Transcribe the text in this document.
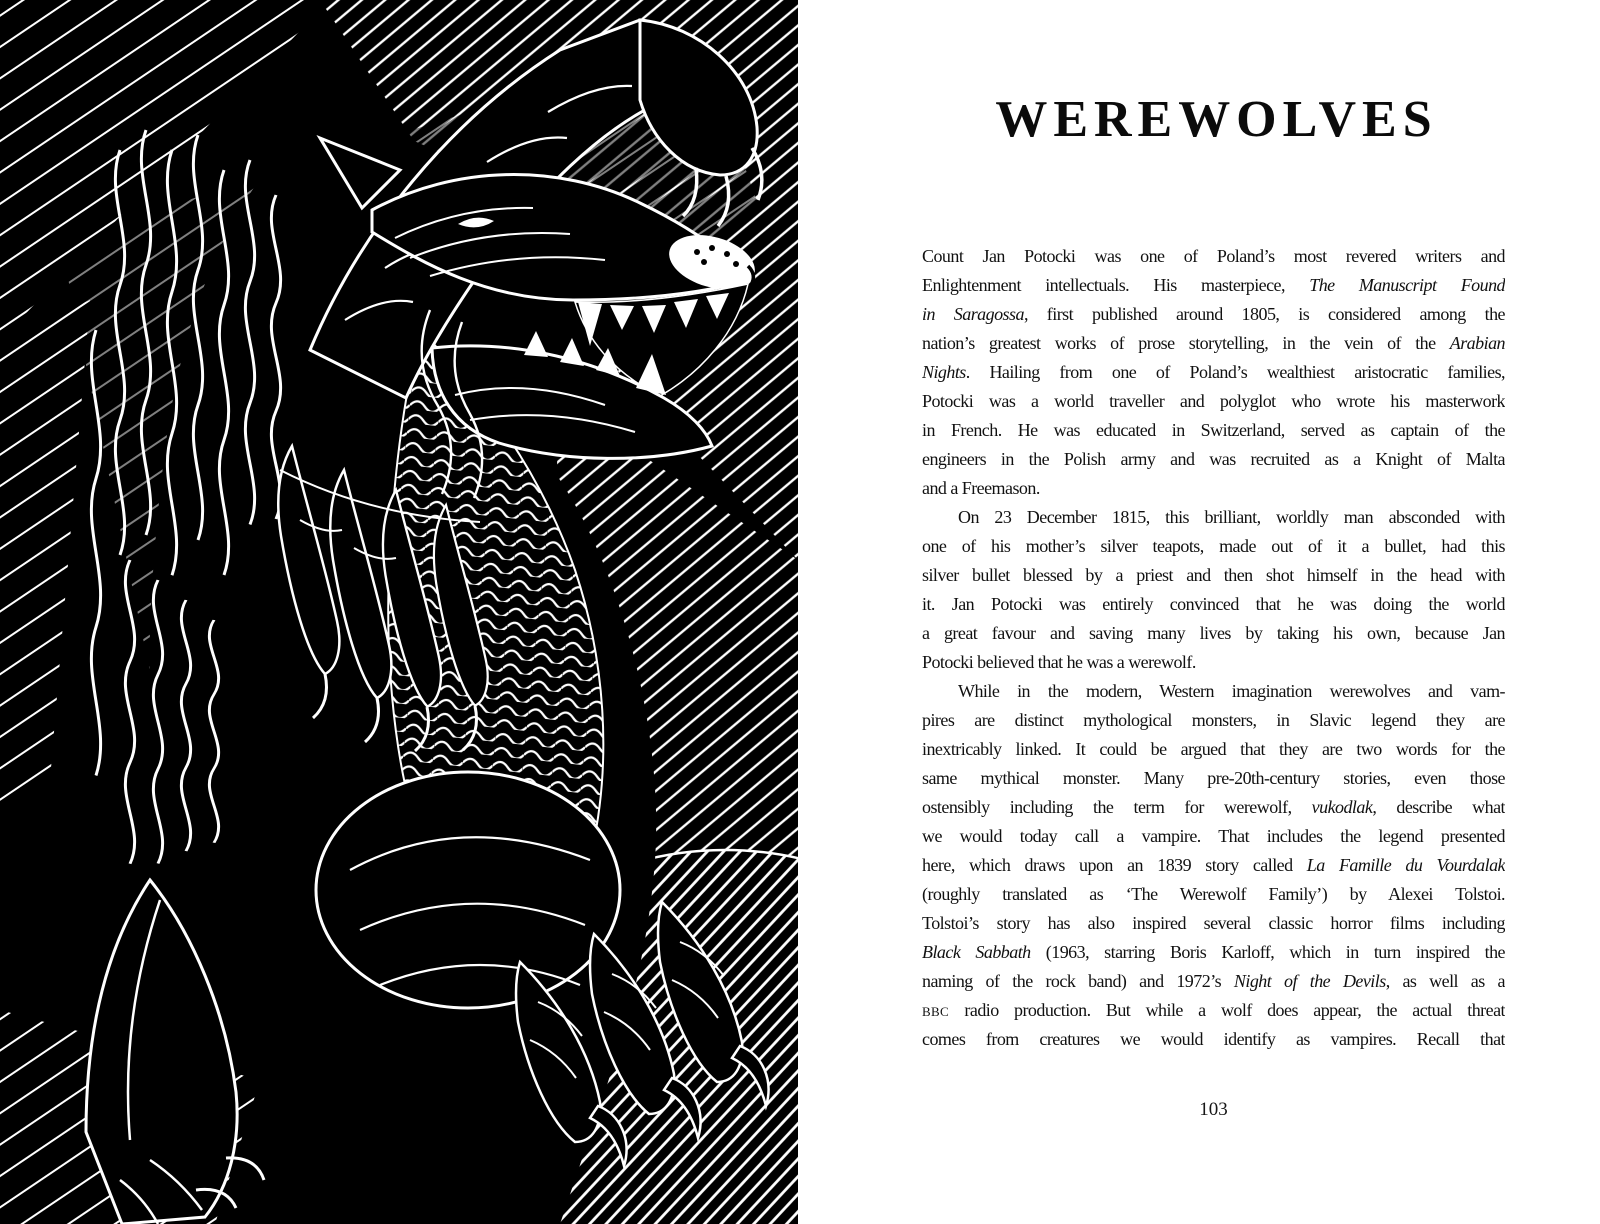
WEREWOLVES
Count Jan Potocki was one of Poland’s most revered writers and
Enlightenment intellectuals. His masterpiece, The Manuscript Found
in Saragossa, first published around 1805, is considered among the
nation’s greatest works of prose storytelling, in the vein of the Arabian
Nights. Hailing from one of Poland’s wealthiest aristocratic families,
Potocki was a world traveller and polyglot who wrote his masterwork
in French. He was educated in Switzerland, served as captain of the
engineers in the Polish army and was recruited as a Knight of Malta
and a Freemason.
On 23 December 1815, this brilliant, worldly man absconded with
one of his mother’s silver teapots, made out of it a bullet, had this
silver bullet blessed by a priest and then shot himself in the head with
it. Jan Potocki was entirely convinced that he was doing the world
a great favour and saving many lives by taking his own, because Jan
Potocki believed that he was a werewolf.
While in the modern, Western imagination werewolves and vam-
pires are distinct mythological monsters, in Slavic legend they are
inextricably linked. It could be argued that they are two words for the
same mythical monster. Many pre-20th-century stories, even those
ostensibly including the term for werewolf, vukodlak, describe what
we would today call a vampire. That includes the legend presented
here, which draws upon an 1839 story called La Famille du Vourdalak
(roughly translated as ‘The Werewolf Family’) by Alexei Tolstoi.
Tolstoi’s story has also inspired several classic horror films including
Black Sabbath (1963, starring Boris Karloff, which in turn inspired the
naming of the rock band) and 1972’s Night of the Devils, as well as a
bbc radio production. But while a wolf does appear, the actual threat
comes from creatures we would identify as vampires. Recall that
103
